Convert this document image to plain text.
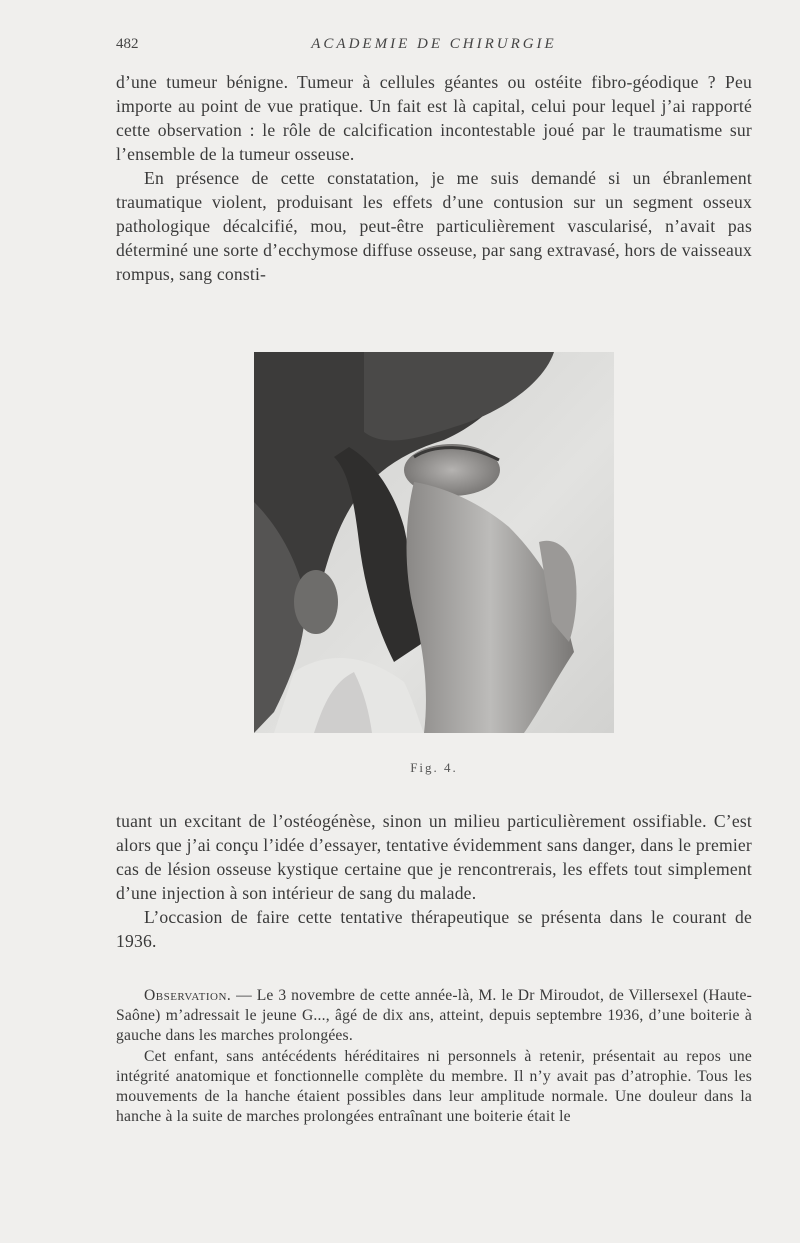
482	ACADEMIE DE CHIRURGIE

d’une tumeur bénigne. Tumeur à cellules géantes ou ostéite fibro-géodique ? Peu importe au point de vue pratique. Un fait est là capital, celui pour lequel j’ai rapporté cette observation : le rôle de calcification incontestable joué par le traumatisme sur l’ensemble de la tumeur osseuse.

En présence de cette constatation, je me suis demandé si un ébranlement traumatique violent, produisant les effets d’une contusion sur un segment osseux pathologique décalcifié, mou, peut-être particulièrement vascularisé, n’avait pas déterminé une sorte d’ecchymose diffuse osseuse, par sang extravasé, hors de vaisseaux rompus, sang consti-

Fig. 4.

tuant un excitant de l’ostéogénèse, sinon un milieu particulièrement ossifiable. C’est alors que j’ai conçu l’idée d’essayer, tentative évidemment sans danger, dans le premier cas de lésion osseuse kystique certaine que je rencontrerais, les effets tout simplement d’une injection à son intérieur de sang du malade.

L’occasion de faire cette tentative thérapeutique se présenta dans le courant de 1936.

Observation. — Le 3 novembre de cette année-là, M. le Dr Miroudot, de Villersexel (Haute-Saône) m’adressait le jeune G..., âgé de dix ans, atteint, depuis septembre 1936, d’une boiterie à gauche dans les marches prolongées.

Cet enfant, sans antécédents héréditaires ni personnels à retenir, présentait au repos une intégrité anatomique et fonctionnelle complète du membre. Il n’y avait pas d’atrophie. Tous les mouvements de la hanche étaient possibles dans leur amplitude normale. Une douleur dans la hanche à la suite de marches prolongées entraînant une boiterie était le
